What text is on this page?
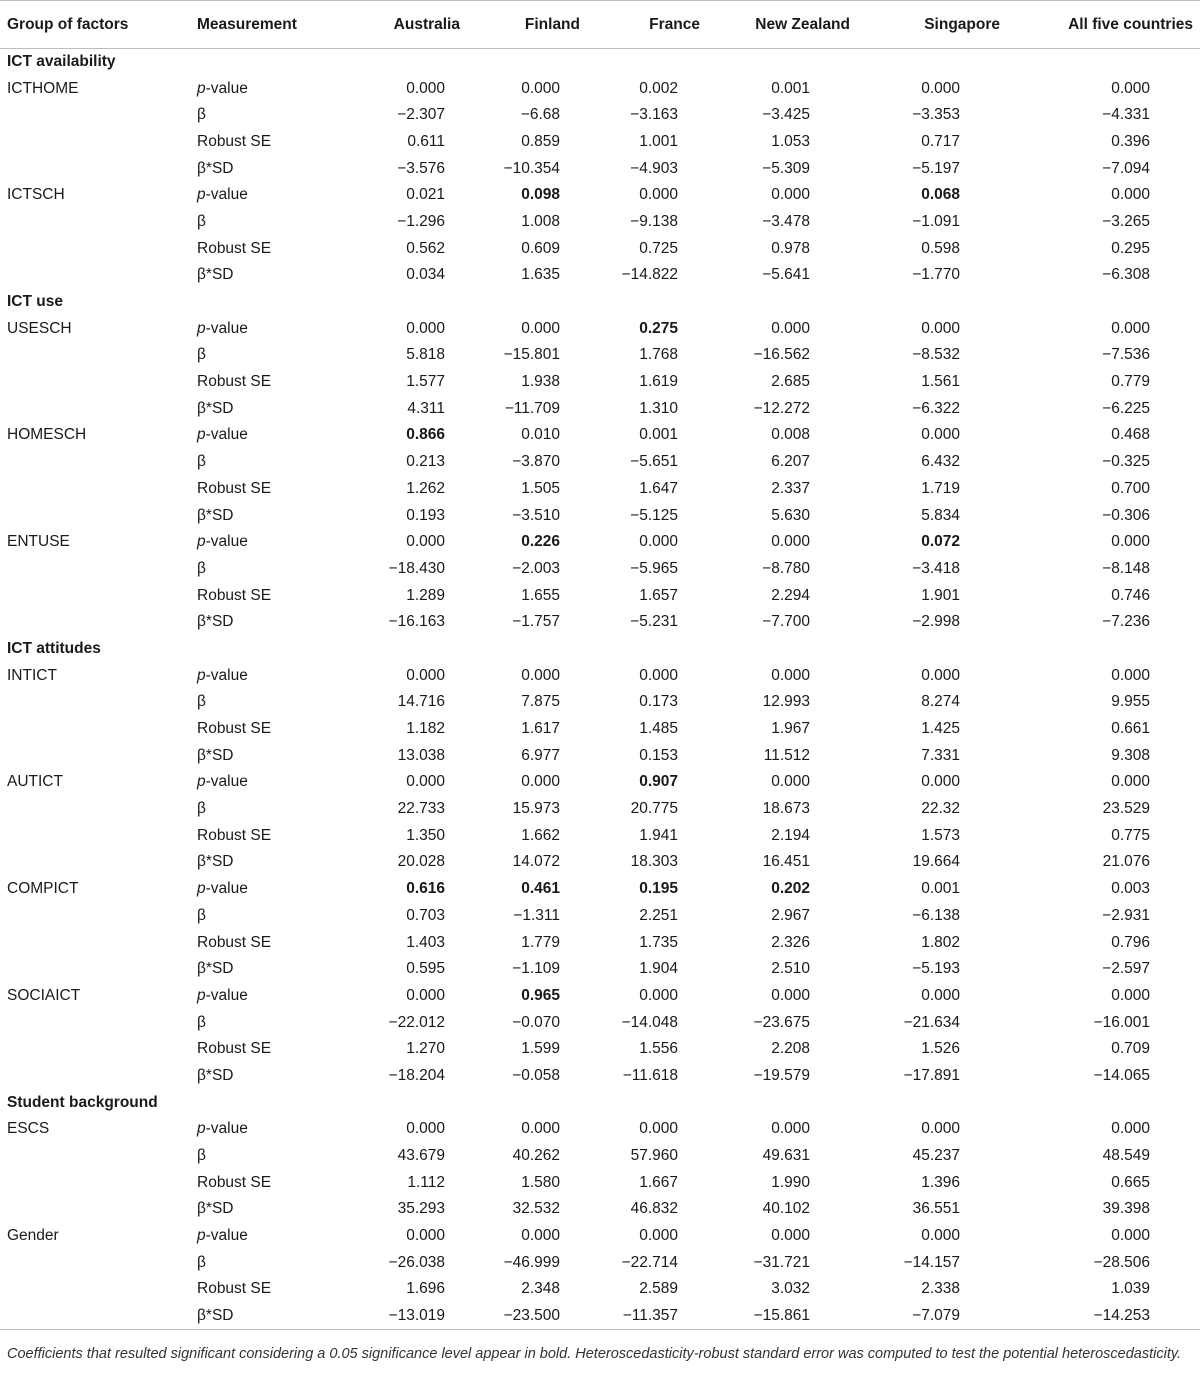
Group of factors	Measurement	Australia	Finland	France	New Zealand	Singapore	All five countries
ICT availability							
ICTHOME	p-value	0.000	0.000	0.002	0.001	0.000	0.000
	β	−2.307	−6.68	−3.163	−3.425	−3.353	−4.331
	Robust SE	0.611	0.859	1.001	1.053	0.717	0.396
	β*SD	−3.576	−10.354	−4.903	−5.309	−5.197	−7.094
ICTSCH	p-value	0.021	0.098	0.000	0.000	0.068	0.000
	β	−1.296	1.008	−9.138	−3.478	−1.091	−3.265
	Robust SE	0.562	0.609	0.725	0.978	0.598	0.295
	β*SD	0.034	1.635	−14.822	−5.641	−1.770	−6.308
ICT use							
USESCH	p-value	0.000	0.000	0.275	0.000	0.000	0.000
	β	5.818	−15.801	1.768	−16.562	−8.532	−7.536
	Robust SE	1.577	1.938	1.619	2.685	1.561	0.779
	β*SD	4.311	−11.709	1.310	−12.272	−6.322	−6.225
HOMESCH	p-value	0.866	0.010	0.001	0.008	0.000	0.468
	β	0.213	−3.870	−5.651	6.207	6.432	−0.325
	Robust SE	1.262	1.505	1.647	2.337	1.719	0.700
	β*SD	0.193	−3.510	−5.125	5.630	5.834	−0.306
ENTUSE	p-value	0.000	0.226	0.000	0.000	0.072	0.000
	β	−18.430	−2.003	−5.965	−8.780	−3.418	−8.148
	Robust SE	1.289	1.655	1.657	2.294	1.901	0.746
	β*SD	−16.163	−1.757	−5.231	−7.700	−2.998	−7.236
ICT attitudes							
INTICT	p-value	0.000	0.000	0.000	0.000	0.000	0.000
	β	14.716	7.875	0.173	12.993	8.274	9.955
	Robust SE	1.182	1.617	1.485	1.967	1.425	0.661
	β*SD	13.038	6.977	0.153	11.512	7.331	9.308
AUTICT	p-value	0.000	0.000	0.907	0.000	0.000	0.000
	β	22.733	15.973	20.775	18.673	22.32	23.529
	Robust SE	1.350	1.662	1.941	2.194	1.573	0.775
	β*SD	20.028	14.072	18.303	16.451	19.664	21.076
COMPICT	p-value	0.616	0.461	0.195	0.202	0.001	0.003
	β	0.703	−1.311	2.251	2.967	−6.138	−2.931
	Robust SE	1.403	1.779	1.735	2.326	1.802	0.796
	β*SD	0.595	−1.109	1.904	2.510	−5.193	−2.597
SOCIAICT	p-value	0.000	0.965	0.000	0.000	0.000	0.000
	β	−22.012	−0.070	−14.048	−23.675	−21.634	−16.001
	Robust SE	1.270	1.599	1.556	2.208	1.526	0.709
	β*SD	−18.204	−0.058	−11.618	−19.579	−17.891	−14.065
Student background							
ESCS	p-value	0.000	0.000	0.000	0.000	0.000	0.000
	β	43.679	40.262	57.960	49.631	45.237	48.549
	Robust SE	1.112	1.580	1.667	1.990	1.396	0.665
	β*SD	35.293	32.532	46.832	40.102	36.551	39.398
Gender	p-value	0.000	0.000	0.000	0.000	0.000	0.000
	β	−26.038	−46.999	−22.714	−31.721	−14.157	−28.506
	Robust SE	1.696	2.348	2.589	3.032	2.338	1.039
	β*SD	−13.019	−23.500	−11.357	−15.861	−7.079	−14.253
Coefficients that resulted significant considering a 0.05 significance level appear in bold. Heteroscedasticity-robust standard error was computed to test the potential heteroscedasticity.
